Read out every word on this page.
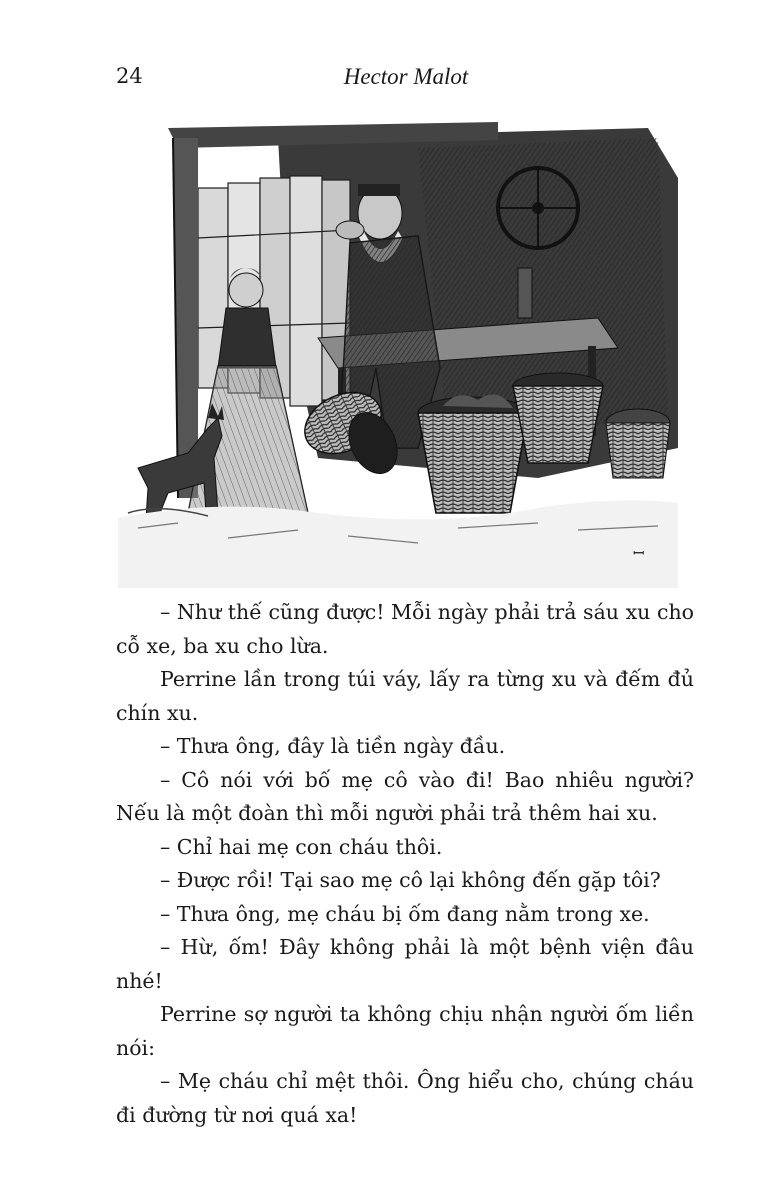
24	Hector Malot
ꟷ

– Như thế cũng được! Mỗi ngày phải trả sáu xu cho cỗ xe, ba xu cho lừa.

Perrine lần trong túi váy, lấy ra từng xu và đếm đủ chín xu.

– Thưa ông, đây là tiền ngày đầu.

– Cô nói với bố mẹ cô vào đi! Bao nhiêu người? Nếu là một đoàn thì mỗi người phải trả thêm hai xu.

– Chỉ hai mẹ con cháu thôi.

– Được rồi! Tại sao mẹ cô lại không đến gặp tôi?

– Thưa ông, mẹ cháu bị ốm đang nằm trong xe.

– Hừ, ốm! Đây không phải là một bệnh viện đâu nhé!

Perrine sợ người ta không chịu nhận người ốm liền nói:

– Mẹ cháu chỉ mệt thôi. Ông hiểu cho, chúng cháu đi đường từ nơi quá xa!
